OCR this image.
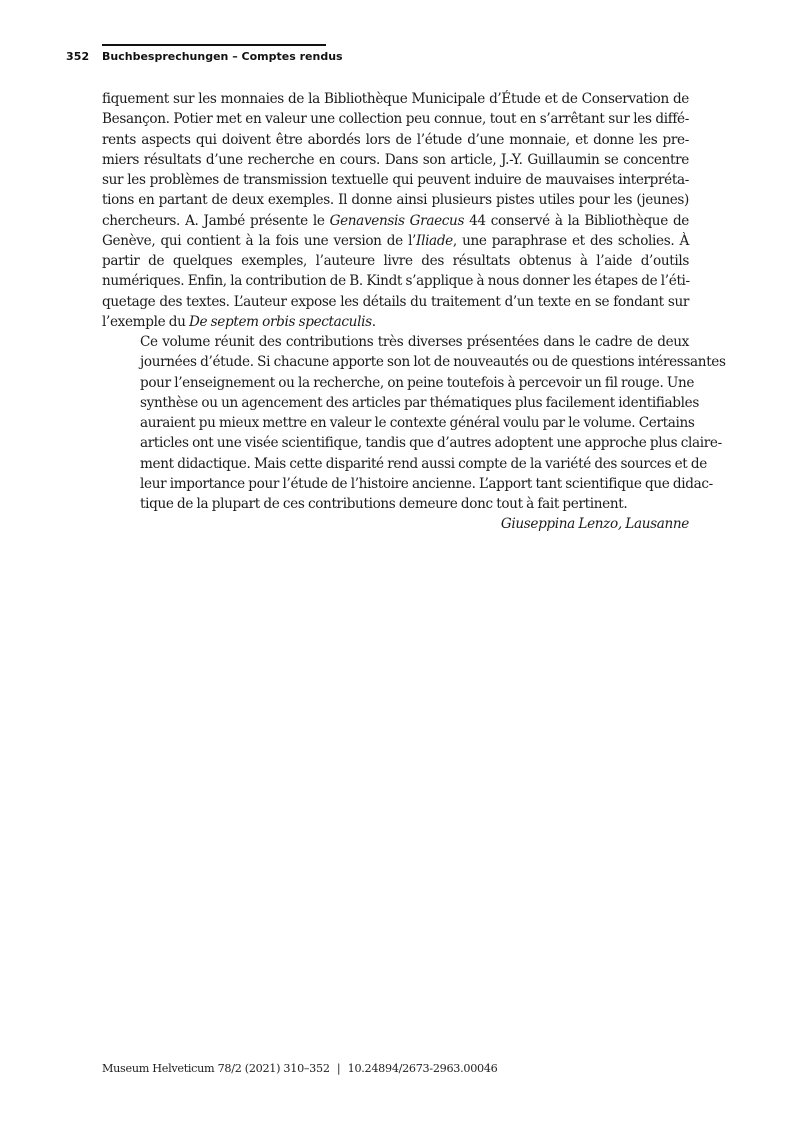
352 Buchbesprechungen – Comptes rendus

fiquement sur les monnaies de la Bibliothèque Municipale d’Étude et de Conservation de
Besançon. Potier met en valeur une collection peu connue, tout en s’arrêtant sur les diffé-
rents aspects qui doivent être abordés lors de l’étude d’une monnaie, et donne les pre-
miers résultats d’une recherche en cours. Dans son article, J.-Y. Guillaumin se concentre
sur les problèmes de transmission textuelle qui peuvent induire de mauvaises interpréta-
tions en partant de deux exemples. Il donne ainsi plusieurs pistes utiles pour les (jeunes)
chercheurs. A. Jambé présente le Genavensis Graecus 44 conservé à la Bibliothèque de
Genève, qui contient à la fois une version de l’Iliade, une paraphrase et des scholies. À
partir de quelques exemples, l’auteure livre des résultats obtenus à l’aide d’outils
numériques. Enfin, la contribution de B. Kindt s’applique à nous donner les étapes de l’éti-
quetage des textes. L’auteur expose les détails du traitement d’un texte en se fondant sur
l’exemple du De septem orbis spectaculis.

Ce volume réunit des contributions très diverses présentées dans le cadre de deux
journées d’étude. Si chacune apporte son lot de nouveautés ou de questions intéressantes
pour l’enseignement ou la recherche, on peine toutefois à percevoir un fil rouge. Une
synthèse ou un agencement des articles par thématiques plus facilement identifiables
auraient pu mieux mettre en valeur le contexte général voulu par le volume. Certains
articles ont une visée scientifique, tandis que d’autres adoptent une approche plus claire-
ment didactique. Mais cette disparité rend aussi compte de la variété des sources et de
leur importance pour l’étude de l’histoire ancienne. L’apport tant scientifique que didac-
tique de la plupart de ces contributions demeure donc tout à fait pertinent.

Giuseppina Lenzo, Lausanne

Museum Helveticum 78/2 (2021) 310–352 | 10.24894/2673-2963.00046
